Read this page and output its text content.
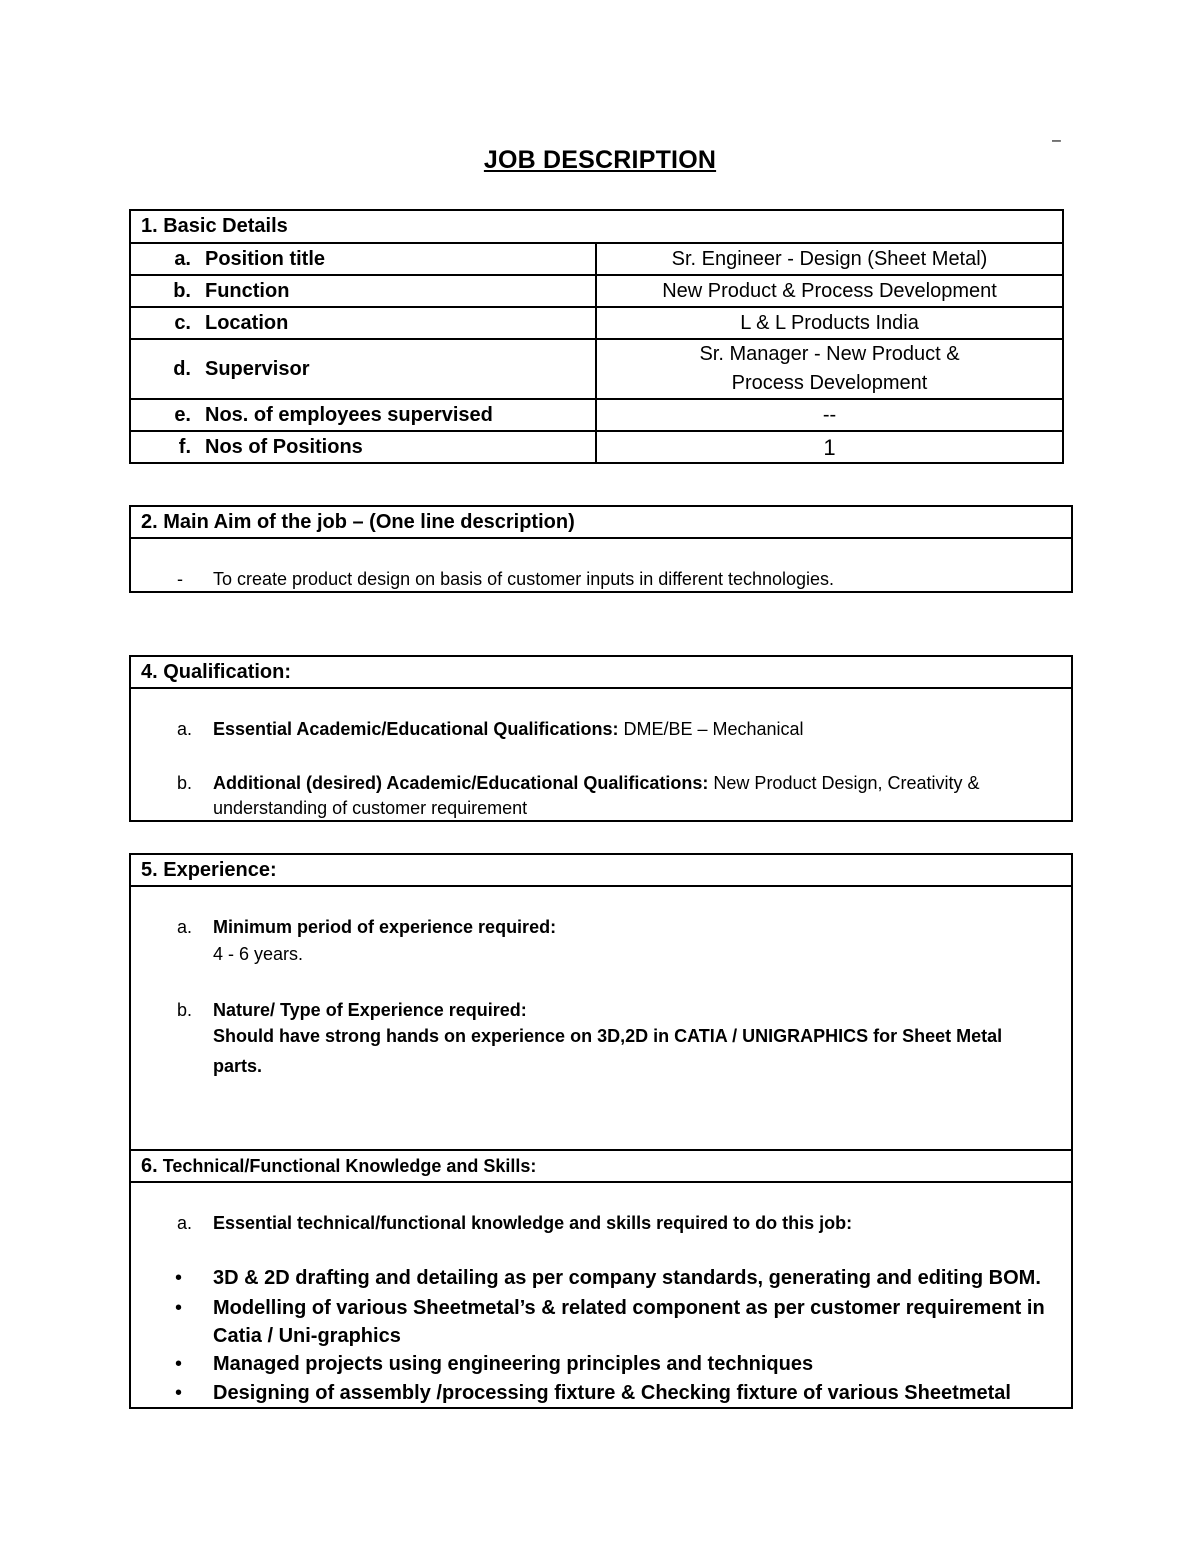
–
JOB DESCRIPTION
1. Basic Details	
a. Position title	Sr. Engineer - Design (Sheet Metal)
b. Function	New Product & Process Development
c. Location	L & L Products India
d. Supervisor	Sr. Manager - New Product & Process Development
e. Nos. of employees supervised	--
f. Nos of Positions	1
2. Main Aim of the job – (One line description)
- To create product design on basis of customer inputs in different technologies.
4. Qualification:
a. Essential Academic/Educational Qualifications: DME/BE – Mechanical
b. Additional (desired) Academic/Educational Qualifications: New Product Design, Creativity &
understanding of customer requirement
5. Experience:
a. Minimum period of experience required:
4 - 6 years.
b. Nature/ Type of Experience required:
Should have strong hands on experience on 3D,2D in CATIA / UNIGRAPHICS for Sheet Metal
parts.
6. Technical/Functional Knowledge and Skills:
a. Essential technical/functional knowledge and skills required to do this job:
• 3D & 2D drafting and detailing as per company standards, generating and editing BOM.
• Modelling of various Sheetmetal’s & related component as per customer requirement in
Catia / Uni-graphics
• Managed projects using engineering principles and techniques
• Designing of assembly /processing fixture & Checking fixture of various Sheetmetal
